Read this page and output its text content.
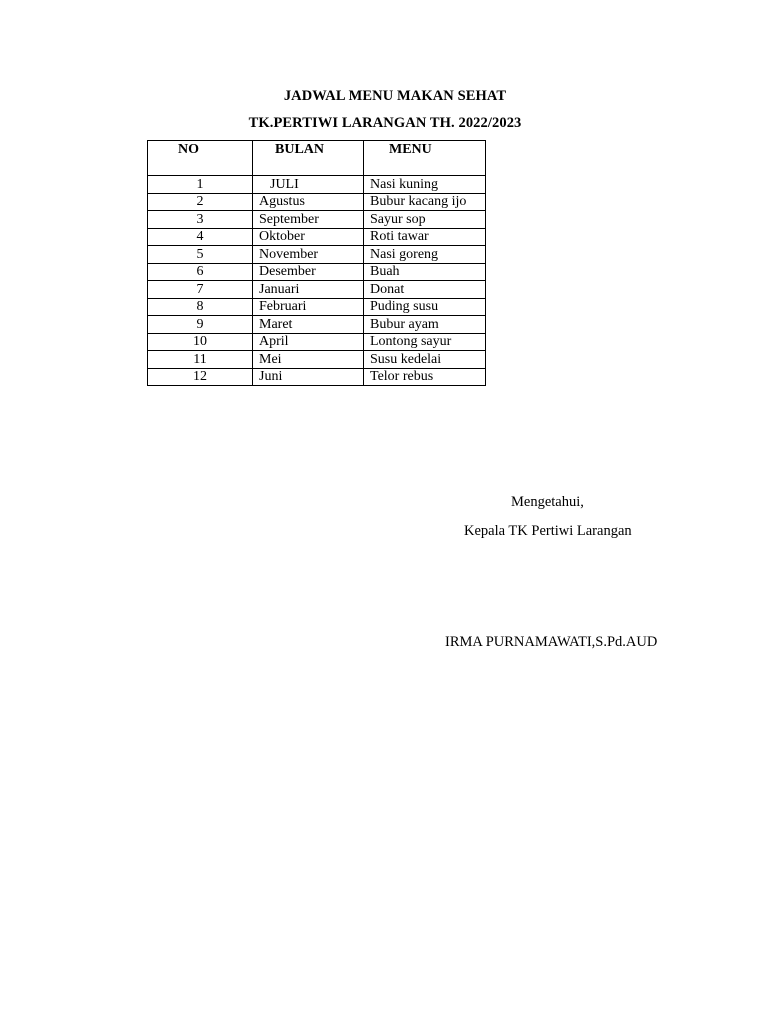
JADWAL MENU MAKAN SEHAT
TK.PERTIWI LARANGAN TH. 2022/2023
NO	BULAN	MENU
1	JULI	Nasi kuning
2	Agustus	Bubur kacang ijo
3	September	Sayur sop
4	Oktober	Roti tawar
5	November	Nasi goreng
6	Desember	Buah
7	Januari	Donat
8	Februari	Puding susu
9	Maret	Bubur ayam
10	April	Lontong sayur
11	Mei	Susu kedelai
12	Juni	Telor rebus
Mengetahui,
Kepala TK Pertiwi Larangan
IRMA PURNAMAWATI,S.Pd.AUD
